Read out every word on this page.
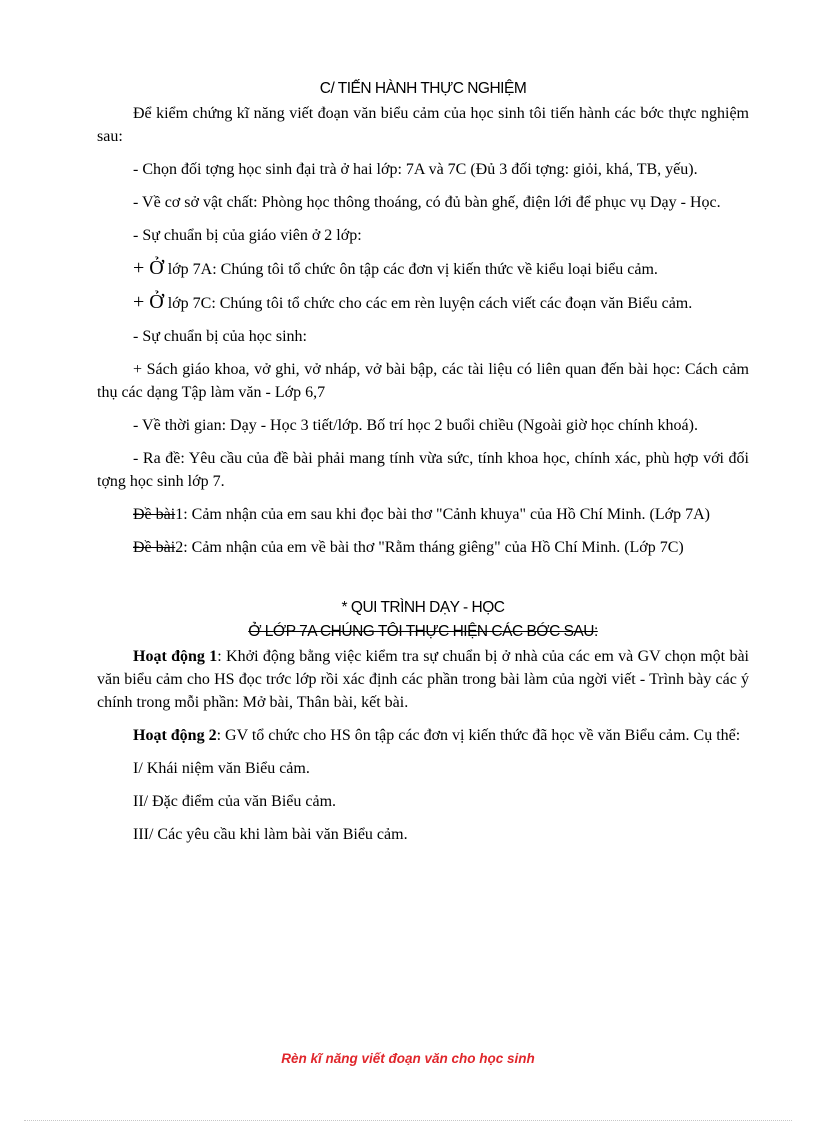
C/ TIẾN HÀNH THỰC NGHIỆM

Để kiểm chứng kĩ năng viết đoạn văn biểu cảm của học sinh tôi tiến hành các bớc thực nghiệm sau:

- Chọn đối tợng học sinh đại trà ở hai lớp: 7A và 7C (Đủ 3 đối tợng: giỏi, khá, TB, yếu).

- Về cơ sở vật chất: Phòng học thông thoáng, có đủ bàn ghế, điện lới để phục vụ Dạy - Học.

- Sự chuẩn bị của giáo viên ở 2 lớp:

+ Ở lớp 7A: Chúng tôi tổ chức ôn tập các đơn vị kiến thức về kiểu loại biểu cảm.

+ Ở lớp 7C: Chúng tôi tổ chức cho các em rèn luyện cách viết các đoạn văn Biểu cảm.

- Sự chuẩn bị của học sinh:

+ Sách giáo khoa, vở ghi, vở nháp, vở bài bập, các tài liệu có liên quan đến bài học: Cách cảm thụ các dạng Tập làm văn - Lớp 6,7

- Về thời gian: Dạy - Học 3 tiết/lớp. Bố trí học 2 buổi chiều (Ngoài giờ học chính khoá).

- Ra đề: Yêu cầu của đề bài phải mang tính vừa sức, tính khoa học, chính xác, phù hợp với đối tợng học sinh lớp 7.

Đề bài1: Cảm nhận của em sau khi đọc bài thơ "Cảnh khuya" của Hồ Chí Minh. (Lớp 7A)

Đề bài2: Cảm nhận của em về bài thơ "Rằm tháng giêng" của Hồ Chí Minh. (Lớp 7C)

* QUI TRÌNH DẠY - HỌC
Ở LỚP 7A CHÚNG TÔI THỰC HIỆN CÁC BỚC SAU:

Hoạt động 1: Khởi động bằng việc kiểm tra sự chuẩn bị ở nhà của các em và GV chọn một bài văn biểu cảm cho HS đọc trớc lớp rồi xác định các phần trong bài làm của ngời viết - Trình bày các ý chính trong mỗi phần: Mở bài, Thân bài, kết bài.

Hoạt động 2: GV tổ chức cho HS ôn tập các đơn vị kiến thức đã học về văn Biểu cảm. Cụ thể:

I/ Khái niệm văn Biểu cảm.
II/ Đặc điểm của văn Biểu cảm.
III/ Các yêu cầu khi làm bài văn Biểu cảm.
Rèn kĩ năng viết đoạn văn cho học sinh
